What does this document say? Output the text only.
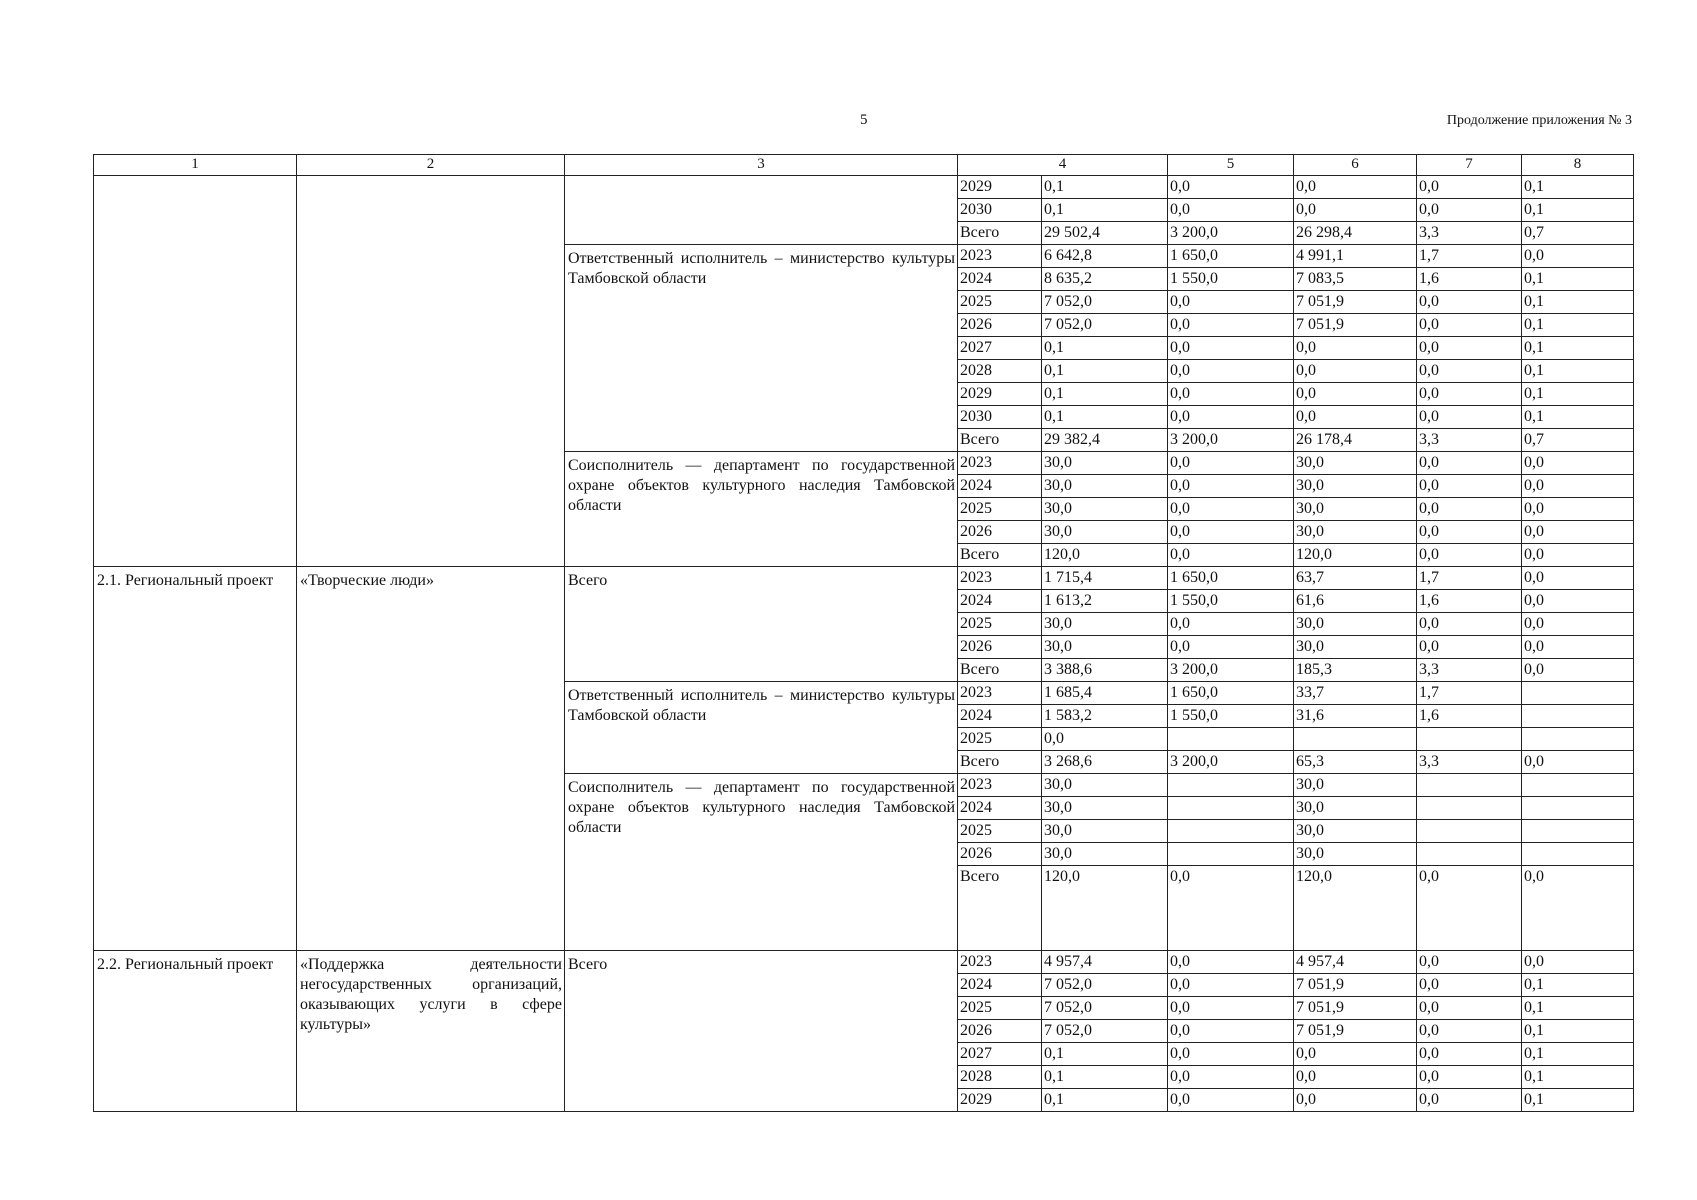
5	Продолжение приложения № 3
1	2	3	4		5	6	7	8
			2029	0,1	0,0	0,0	0,0	0,1
			2030	0,1	0,0	0,0	0,0	0,1
			Всего	29 502,4	3 200,0	26 298,4	3,3	0,7
		Ответственный исполнитель – министерство культуры Тамбовской области	2023	6 642,8	1 650,0	4 991,1	1,7	0,0
			2024	8 635,2	1 550,0	7 083,5	1,6	0,1
			2025	7 052,0	0,0	7 051,9	0,0	0,1
			2026	7 052,0	0,0	7 051,9	0,0	0,1
			2027	0,1	0,0	0,0	0,0	0,1
			2028	0,1	0,0	0,0	0,0	0,1
			2029	0,1	0,0	0,0	0,0	0,1
			2030	0,1	0,0	0,0	0,0	0,1
			Всего	29 382,4	3 200,0	26 178,4	3,3	0,7
		Соисполнитель — департамент по государственной охране объектов культурного наследия Тамбовской области	2023	30,0	0,0	30,0	0,0	0,0
			2024	30,0	0,0	30,0	0,0	0,0
			2025	30,0	0,0	30,0	0,0	0,0
			2026	30,0	0,0	30,0	0,0	0,0
			Всего	120,0	0,0	120,0	0,0	0,0
2.1. Региональный проект	«Творческие люди»	Всего	2023	1 715,4	1 650,0	63,7	1,7	0,0
			2024	1 613,2	1 550,0	61,6	1,6	0,0
			2025	30,0	0,0	30,0	0,0	0,0
			2026	30,0	0,0	30,0	0,0	0,0
			Всего	3 388,6	3 200,0	185,3	3,3	0,0
		Ответственный исполнитель – министерство культуры Тамбовской области	2023	1 685,4	1 650,0	33,7	1,7	
			2024	1 583,2	1 550,0	31,6	1,6	
			2025	0,0				
			Всего	3 268,6	3 200,0	65,3	3,3	0,0
		Соисполнитель — департамент по государственной охране объектов культурного наследия Тамбовской области	2023	30,0		30,0		
			2024	30,0		30,0		
			2025	30,0		30,0		
			2026	30,0		30,0		
			Всего	120,0	0,0	120,0	0,0	0,0
2.2. Региональный проект	«Поддержка деятельности негосударственных организаций, оказывающих услуги в сфере культуры»	Всего	2023	4 957,4	0,0	4 957,4	0,0	0,0
			2024	7 052,0	0,0	7 051,9	0,0	0,1
			2025	7 052,0	0,0	7 051,9	0,0	0,1
			2026	7 052,0	0,0	7 051,9	0,0	0,1
			2027	0,1	0,0	0,0	0,0	0,1
			2028	0,1	0,0	0,0	0,0	0,1
			2029	0,1	0,0	0,0	0,0	0,1
